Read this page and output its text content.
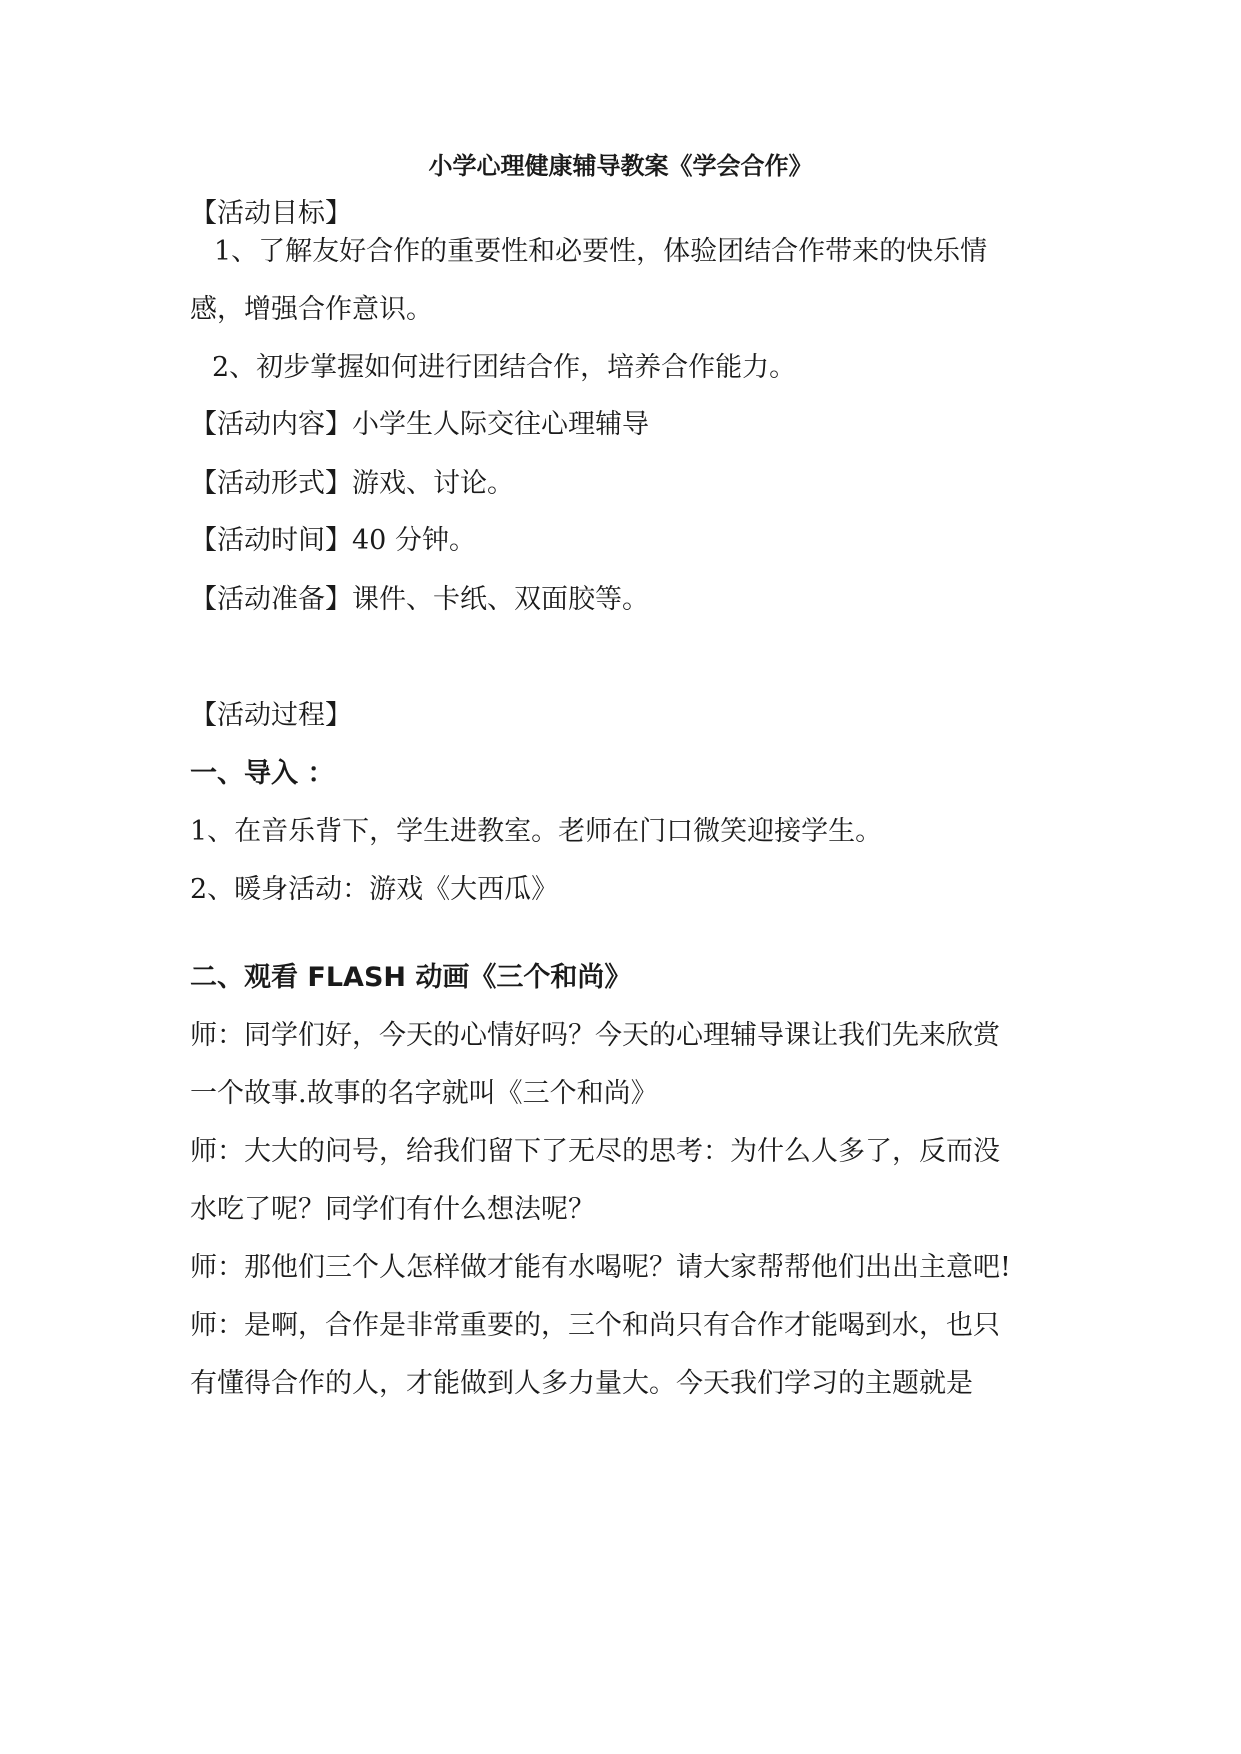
小学心理健康辅导教案《学会合作》
【活动目标】
1、了解友好合作的重要性和必要性，体验团结合作带来的快乐情
感，增强合作意识。
2、初步掌握如何进行团结合作，培养合作能力。
【活动内容】小学生人际交往心理辅导
【活动形式】游戏、讨论。
【活动时间】40 分钟。
【活动准备】课件、卡纸、双面胶等。
【活动过程】
一、导入 ：
1、在音乐背下，学生进教室。老师在门口微笑迎接学生。
2、暖身活动：游戏《大西瓜》
二、观看 FLASH 动画《三个和尚》
师：同学们好，今天的心情好吗？今天的心理辅导课让我们先来欣赏
一个故事.故事的名字就叫《三个和尚》
师：大大的问号，给我们留下了无尽的思考：为什么人多了，反而没
水吃了呢？同学们有什么想法呢？
师：那他们三个人怎样做才能有水喝呢？请大家帮帮他们出出主意吧!
师：是啊，合作是非常重要的，三个和尚只有合作才能喝到水，也只
有懂得合作的人，才能做到人多力量大。今天我们学习的主题就是
